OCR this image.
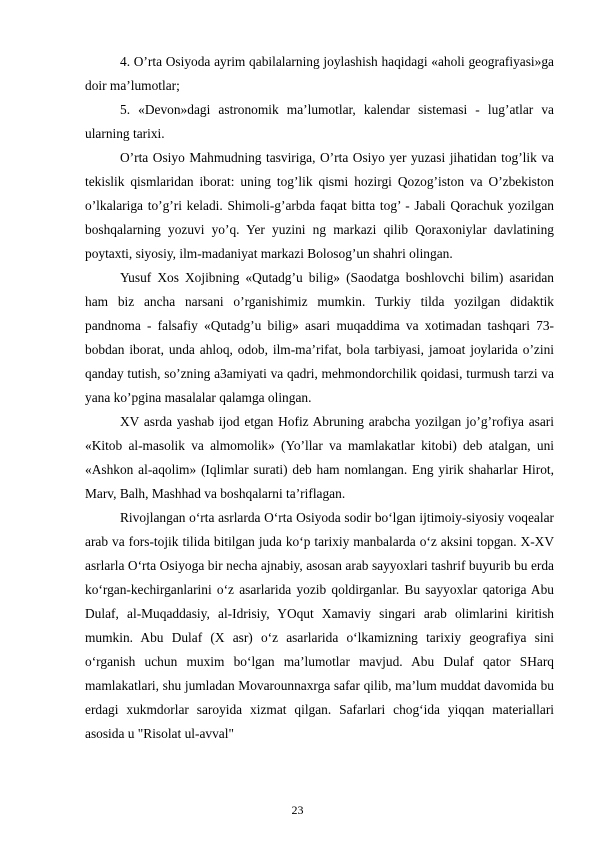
4. O’rta Osiyoda ayrim qabilalarning joylashish haqidagi «aholi geografiyasi»ga doir ma’lumotlar;

5. «Devon»dagi astronomik ma’lumotlar, kalendar sistemasi - lug’atlar va ularning tarixi.

O’rta Osiyo Mahmudning tasviriga, O’rta Osiyo yer yuzasi jihatidan tog’lik va tekislik qismlaridan iborat: uning tog’lik qismi hozirgi Qozog’iston va O’zbekiston o’lkalariga to’g’ri keladi. Shimoli-g’arbda faqat bitta tog’ - Jabali Qorachuk yozilgan boshqalarning yozuvi yo’q. Yer yuzini ng markazi qilib Qoraxoniylar davlatining poytaxti, siyosiy, ilm-madaniyat markazi Bolosog’un shahri olingan.

Yusuf Xos Xojibning «Qutadg’u bilig» (Saodatga boshlovchi bilim) asaridan ham biz ancha narsani o’rganishimiz mumkin. Turkiy tilda yozilgan didaktik pandnoma - falsafiy «Qutadg’u bilig» asari muqaddima va xotimadan tashqari 73-bobdan iborat, unda ahloq, odob, ilm-ma’rifat, bola tarbiyasi, jamoat joylarida o’zini qanday tutish, so’zning a3amiyati va qadri, mehmondorchilik qoidasi, turmush tarzi va yana ko’pgina masalalar qalamga olingan.

XV asrda yashab ijod etgan Hofiz Abruning arabcha yozilgan jo’g’rofiya asari «Kitob al-masolik va almomolik» (Yo’llar va mamlakatlar kitobi) deb atalgan, uni «Ashkon al-aqolim» (Iqlimlar surati) deb ham nomlangan. Eng yirik shaharlar Hirot, Marv, Balh, Mashhad va boshqalarni ta’riflagan.

Rivojlangan o‘rta asrlarda O‘rta Osiyoda sodir bo‘lgan ijtimoiy-siyosiy voqealar arab va fors-tojik tilida bitilgan juda ko‘p tarixiy manbalarda o‘z aksini topgan. X-XV asrlarla O‘rta Osiyoga bir necha ajnabiy, asosan arab sayyoxlari tashrif buyurib bu erda ko‘rgan-kechirganlarini o‘z asarlarida yozib qoldirganlar. Bu sayyoxlar qatoriga Abu Dulaf, al-Muqaddasiy, al-Idrisiy, YOqut Xamaviy singari arab olimlarini kiritish mumkin. Abu Dulaf (X asr) o‘z asarlarida o‘lkamizning tarixiy geografiya sini o‘rganish uchun muxim bo‘lgan ma’lumotlar mavjud. Abu Dulaf qator SHarq mamlakatlari, shu jumladan Movarounnaxrga safar qilib, ma’lum muddat davomida bu erdagi xukmdorlar saroyida xizmat qilgan. Safarlari chog‘ida yiqqan materiallari asosida u "Risolat ul-avval"

23
